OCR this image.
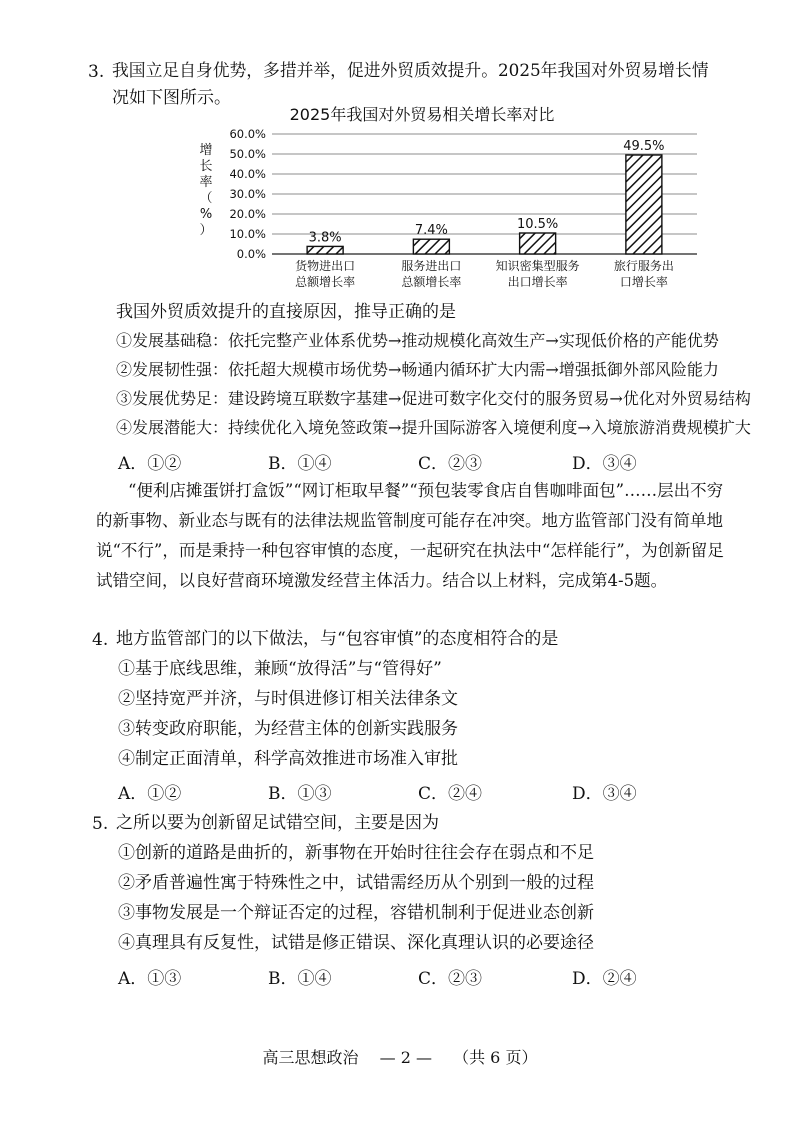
3. 我国立足自身优势，多措并举，促进外贸质效提升。2025年我国对外贸易增长情
况如下图所示。
2025年我国对外贸易相关增长率对比
增
长
率
（
%
）
0.0%
10.0%
20.0%
30.0%
40.0%
50.0%
60.0%
3.8%	7.4%	10.5%
49.5%
货物进出口
总额增长率
服务进出口
总额增长率
知识密集型服务
出口增长率
旅行服务出
口增长率
我国外贸质效提升的直接原因，推导正确的是
①发展基础稳：依托完整产业体系优势→推动规模化高效生产→实现低价格的产能优势
②发展韧性强：依托超大规模市场优势→畅通内循环扩大内需→增强抵御外部风险能力
③发展优势足：建设跨境互联数字基建→促进可数字化交付的服务贸易→优化对外贸易结构
④发展潜能大：持续优化入境免签政策→提升国际游客入境便利度→入境旅游消费规模扩大
A．①②	B．①④	C．②③	D．③④
“便利店摊蛋饼打盒饭”“网订柜取早餐”“预包装零食店自售咖啡面包”……层出不穷的新事物、新业态与既有的法律法规监管制度可能存在冲突。地方监管部门没有简单地说“不行”，而是秉持一种包容审慎的态度，一起研究在执法中“怎样能行”，为创新留足试错空间，以良好营商环境激发经营主体活力。结合以上材料，完成第4-5题。
4. 地方监管部门的以下做法，与“包容审慎”的态度相符合的是
①基于底线思维，兼顾“放得活”与“管得好”
②坚持宽严并济，与时俱进修订相关法律条文
③转变政府职能，为经营主体的创新实践服务
④制定正面清单，科学高效推进市场准入审批
A．①②	B．①③	C．②④	D．③④
5. 之所以要为创新留足试错空间，主要是因为
①创新的道路是曲折的，新事物在开始时往往会存在弱点和不足
②矛盾普遍性寓于特殊性之中，试错需经历从个别到一般的过程
③事物发展是一个辩证否定的过程，容错机制利于促进业态创新
④真理具有反复性，试错是修正错误、深化真理认识的必要途径
A．①③	B．①④	C．②③	D．②④
高三思想政治 — 2 — （共 6 页）
